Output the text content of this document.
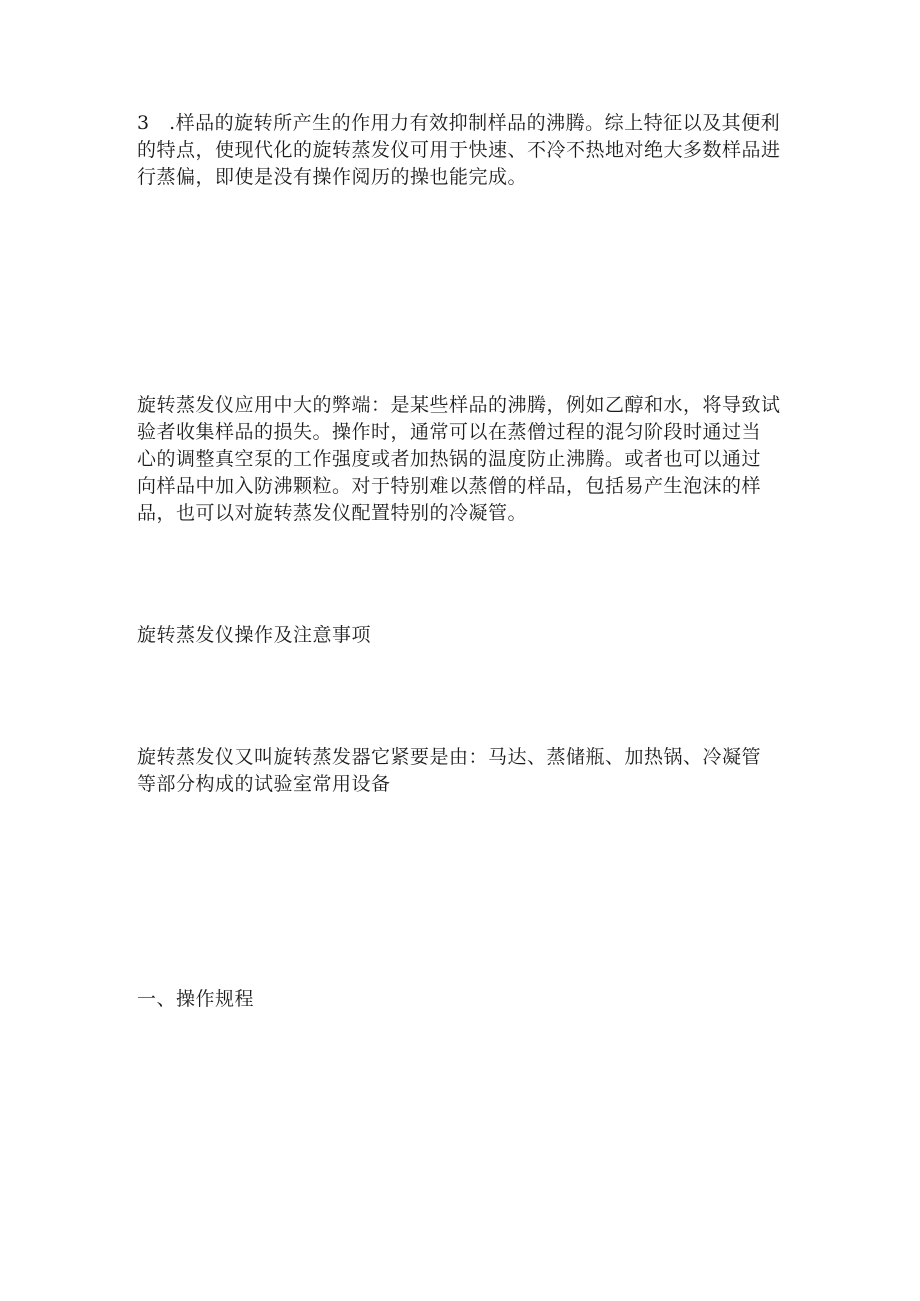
3　.样品的旋转所产生的作用力有效抑制样品的沸腾。综上特征以及其便利
的特点，使现代化的旋转蒸发仪可用于快速、不冷不热地对绝大多数样品进
行蒸偏，即使是没有操作阅历的操也能完成。

旋转蒸发仪应用中大的弊端：是某些样品的沸腾，例如乙醇和水，将导致试
验者收集样品的损失。操作时，通常可以在蒸僧过程的混匀阶段时通过当
心的调整真空泵的工作强度或者加热锅的温度防止沸腾。或者也可以通过
向样品中加入防沸颗粒。对于特别难以蒸僧的样品，包括易产生泡沫的样
品，也可以对旋转蒸发仪配置特别的冷凝管。

旋转蒸发仪操作及注意事项

旋转蒸发仪又叫旋转蒸发器它紧要是由：马达、蒸储瓶、加热锅、冷凝管
等部分构成的试验室常用设备

一、操作规程
